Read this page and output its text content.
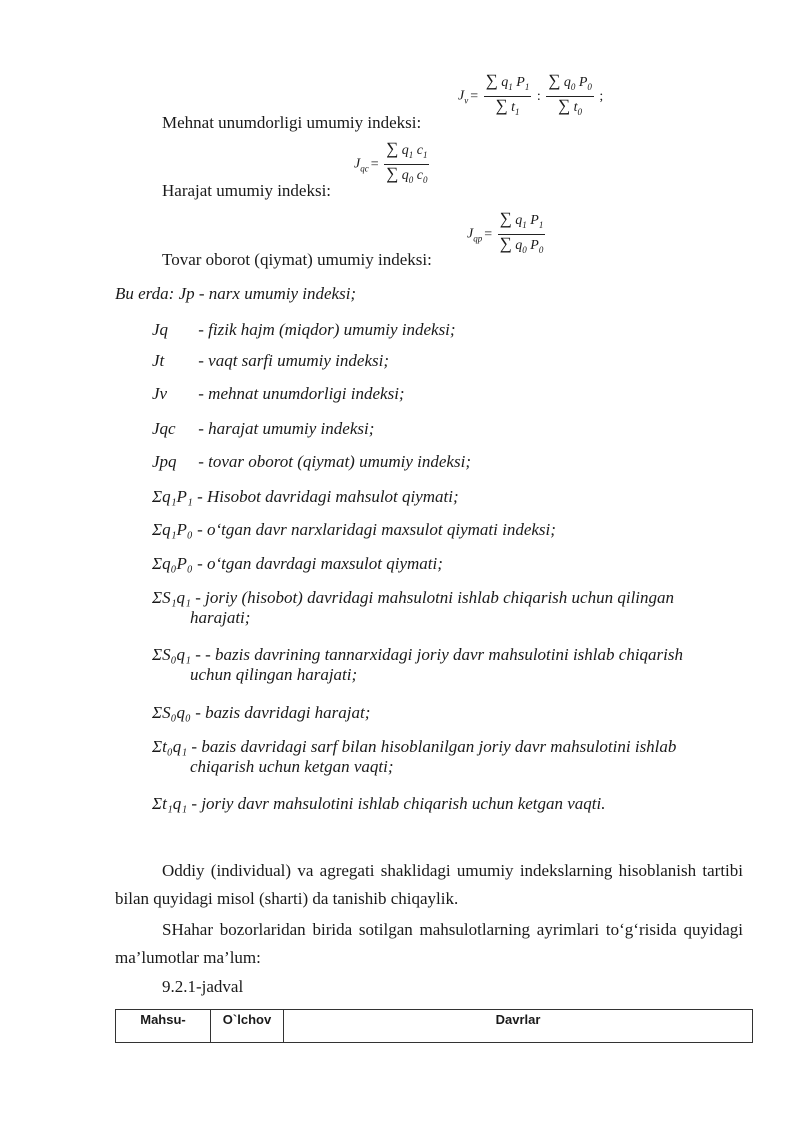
Mehnat unumdorligi umumiy indeksi:
$J_v = \frac{\sum q_1 P_1}{\sum t_1}$ : $\frac{\sum q_0 P_0}{\sum t_0}$ ;
Harajat umumiy indeksi:
$J_{qc} = \frac{\sum q_1 c_1}{\sum q_0 c_0}$
Tovar oborot (qiymat) umumiy indeksi:
$J_{qp} = \frac{\sum q_1 P_1}{\sum q_0 P_0}$
Bu erda: Jp - narx umumiy indeksi;
Jq - fizik hajm (miqdor) umumiy indeksi;
Jt - vaqt sarfi umumiy indeksi;
Jv - mehnat unumdorligi indeksi;
Jqc - harajat umumiy indeksi;
Jpq - tovar oborot (qiymat) umumiy indeksi;
Σq₁P₁ - Hisobot davridagi mahsulot qiymati;
Σq₁P₀ - o‘tgan davr narxlaridagi maxsulot qiymati indeksi;
Σq₀P₀ - o‘tgan davrdagi maxsulot qiymati;
ΣS₁q₁ - joriy (hisobot) davridagi mahsulotni ishlab chiqarish uchun qilingan
harajati;
ΣS₀q₁ - - bazis davrining tannarxidagi joriy davr mahsulotini ishlab chiqarish
uchun qilingan harajati;
ΣS₀q₀ - bazis davridagi harajat;
Σt₀q₁ - bazis davridagi sarf bilan hisoblanilgan joriy davr mahsulotini ishlab
chiqarish uchun ketgan vaqti;
Σt₁q₁ - joriy davr mahsulotini ishlab chiqarish uchun ketgan vaqti.
Oddiy (individual) va agregati shaklidagi umumiy indekslarning hisoblanish tartibi bilan quyidagi misol (sharti) da tanishib chiqaylik.
SHahar bozorlaridan birida sotilgan mahsulotlarning ayrimlari to‘g‘risida quyidagi ma’lumotlar ma’lum:
9.2.1-jadval
Mahsu-	O`lchov	Davrlar
